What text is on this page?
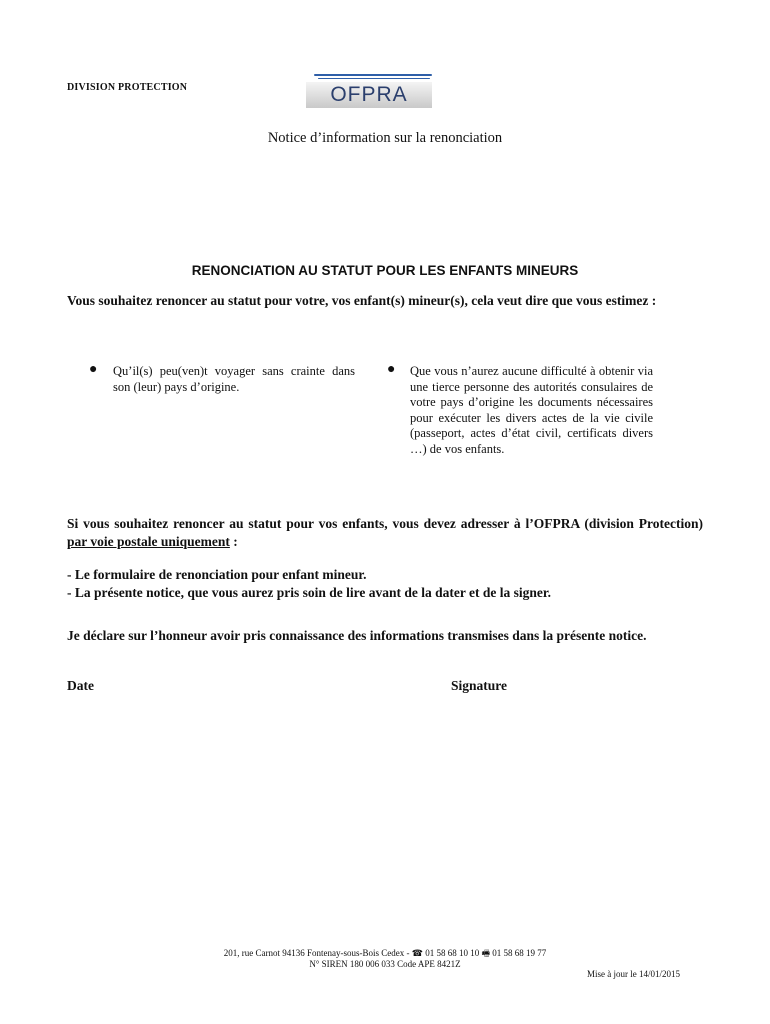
DIVISION PROTECTION	OFPRA
Notice d’information sur la renonciation
RENONCIATION AU STATUT POUR LES ENFANTS MINEURS
Vous souhaitez renoncer au statut pour votre, vos enfant(s) mineur(s), cela veut dire que vous estimez :
● Qu’il(s) peu(ven)t voyager sans crainte dans son (leur) pays d’origine.
● Que vous n’aurez aucune difficulté à obtenir via une tierce personne des autorités consulaires de votre pays d’origine les documents nécessaires pour exécuter les divers actes de la vie civile (passeport, actes d’état civil, certificats divers …) de vos enfants.
Si vous souhaitez renoncer au statut pour vos enfants, vous devez adresser à l’OFPRA (division Protection) par voie postale uniquement :
- Le formulaire de renonciation pour enfant mineur.
- La présente notice, que vous aurez pris soin de lire avant de la dater et de la signer.
Je déclare sur l’honneur avoir pris connaissance des informations transmises dans la présente notice.
Date	Signature
201, rue Carnot 94136 Fontenay-sous-Bois Cedex - ☎ 01 58 68 10 10 🖷 01 58 68 19 77
N° SIREN 180 006 033 Code APE 8421Z
Mise à jour le 14/01/2015
